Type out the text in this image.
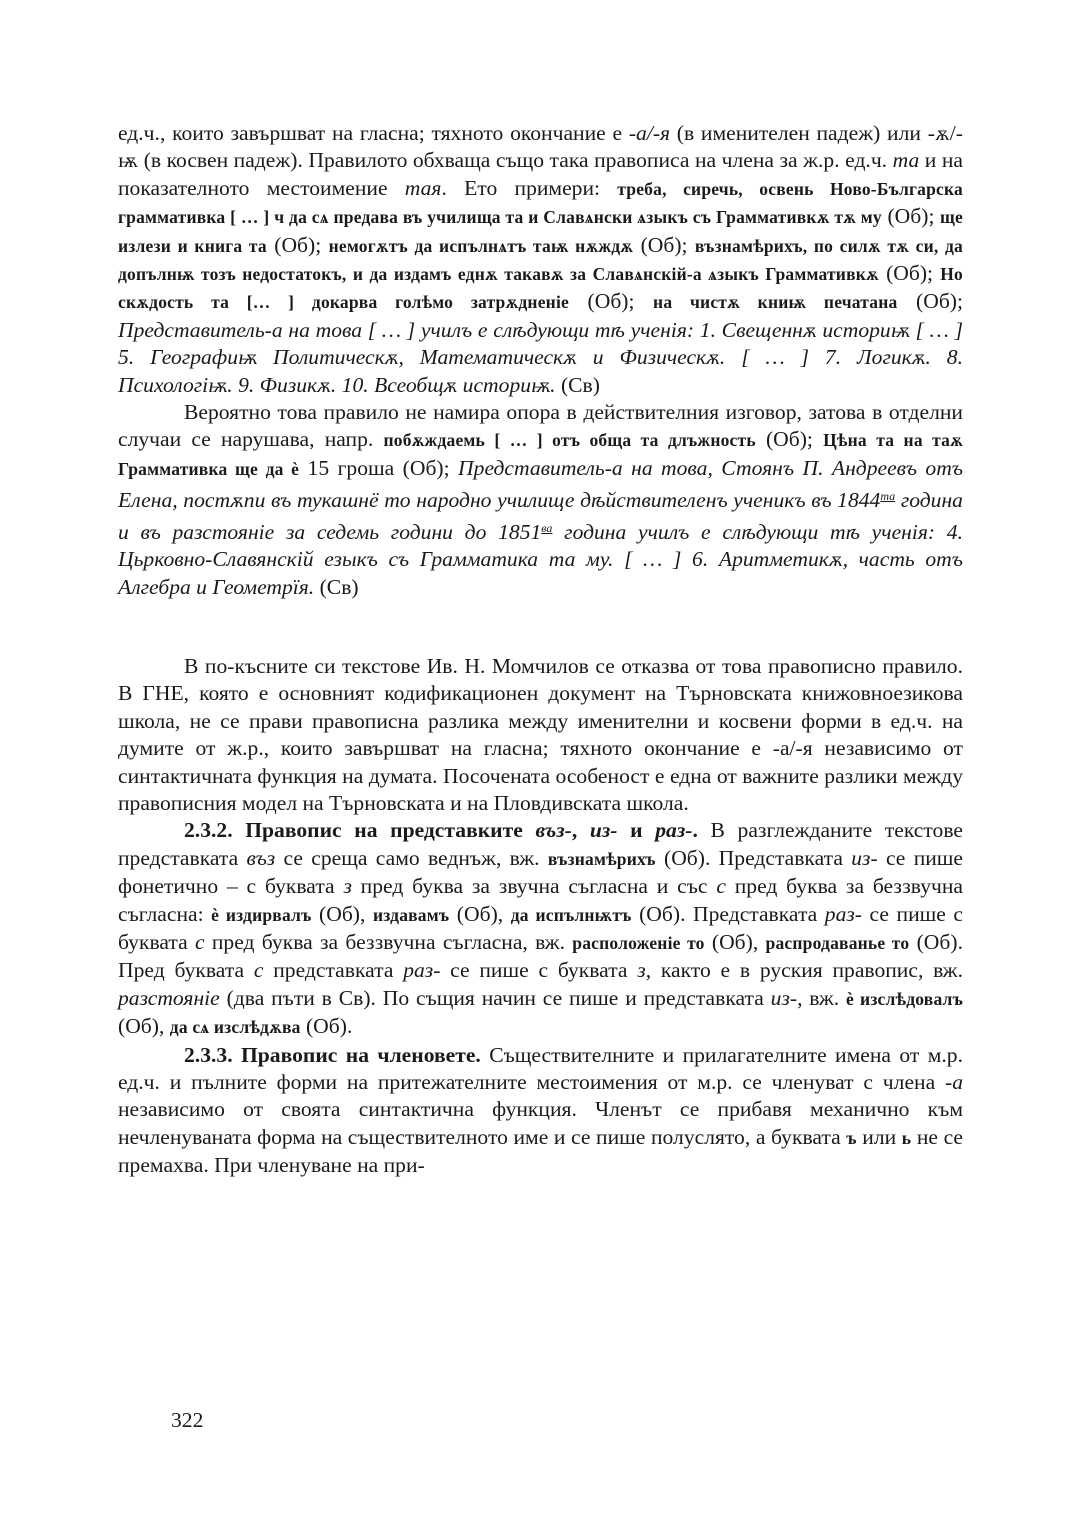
ед.ч., които завършват на гласна; тяхното окончание е -а/-я (в именителен падеж) или -ѫ/-ѭ (в косвен падеж). Правилото обхваща също така правописа на члена за ж.р. ед.ч. та и на показателното местоимение тая. Ето примери: треба, сиречь, освень Ново-Българска граммативка [ … ] ч да сѧ предава въ училища та и Славѧнски ѧзыкъ съ Граммативкѫ тѫ му (Об); ще излези и книга та (Об); немогѫтъ да испълнѧтъ таѭ нѫждѫ (Об); възнамѣрихъ, по силѫ тѫ си, да допълнѭ тозъ недостатокъ, и да издамъ еднѫ такавѫ за Славѧнскій-а ѧзыкъ Граммативкѫ (Об); Но скѫдость та [… ] докарва голѣмо затрѫдненіе (Об); на чистѫ книѭ печатана (Об); Представитель-а на това [ … ] училъ е слѣдующи тѣ ученія: 1. Свещеннѫ историѭ [ … ] 5. Географиѭ Политическѫ, Математическѫ и Физическѫ. [ … ] 7. Логикѫ. 8. Психологіѭ. 9. Физикѫ. 10. Всеобщѫ историѭ. (Св)

Вероятно това правило не намира опора в действителния изговор, затова в отделни случаи се нарушава, напр. побѫждаемь [ … ] отъ обща та длъжность (Об); Цѣна та на таѫ Граммативка ще да ѐ 15 гроша (Об); Представитель-а на това, Стоянъ П. Андреевъ отъ Елена, постѫпи въ тукашнё то народно училище дѣйствителенъ ученикъ въ $1844^{та}$ година и въ разстояніе за седемь години до $1851^{ва}$ година училъ е слѣдующи тѣ ученія: 4. Цьрковно-Славянскій езыкъ съ Грамматика та му. [ … ] 6. Аритметикѫ, часть отъ Алгебра и Геометрїя. (Св)

В по-късните си текстове Ив. Н. Момчилов се отказва от това правописно правило. В ГНЕ, която е основният кодификационен документ на Търновската книжовноезикова школа, не се прави правописна разлика между именителни и косвени форми в ед.ч. на думите от ж.р., които завършват на гласна; тяхното окончание е -а/-я независимо от синтактичната функция на думата. Посочената особеност е една от важните разлики между правописния модел на Търновската и на Пловдивската школа.

2.3.2. Правопис на представките въз-, из- и раз-. В разглежданите текстове представката въз се среща само веднъж, вж. възнамѣрихъ (Об). Представката из- се пише фонетично – с буквата з пред буква за звучна съгласна и със с пред буква за беззвучна съгласна: ѐ издирвалъ (Об), издавамъ (Об), да испълнѭтъ (Об). Представката раз- се пише с буквата с пред буква за беззвучна съгласна, вж. расположеніе то (Об), распродаванье то (Об). Пред буквата с представката раз- се пише с буквата з, както е в руския правопис, вж. разстояніе (два пъти в Св). По същия начин се пише и представката из-, вж. ѐ изслѣдовалъ (Об), да сѧ изслѣдѫва (Об).

2.3.3. Правопис на членовете. Съществителните и прилагателните имена от м.р. ед.ч. и пълните форми на притежателните местоимения от м.р. се членуват с члена -а независимо от своята синтактична функция. Членът се прибавя механично към нечленуваната форма на съществителното име и се пише полуслято, а буквата ъ или ь не се премахва. При членуване на при-

322
